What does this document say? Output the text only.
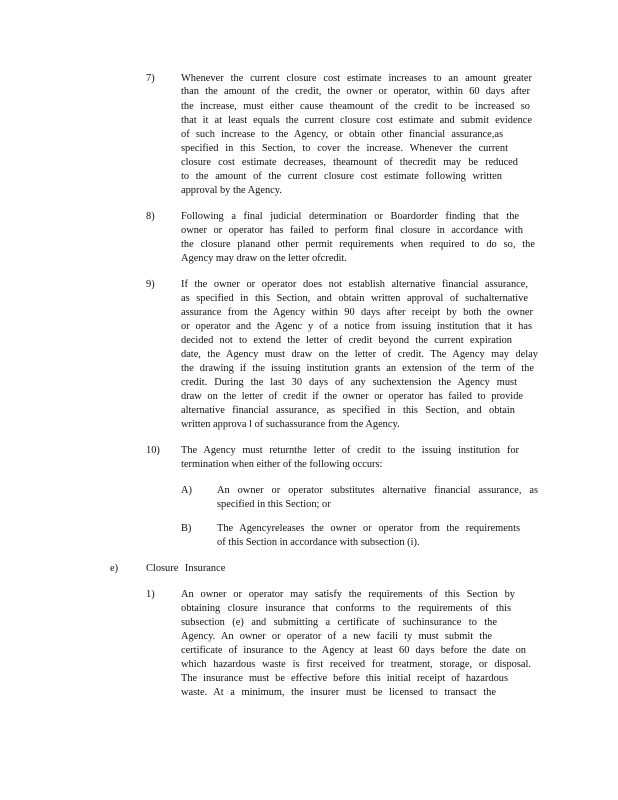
7)	Whenever the current closure cost estimate increases to an amount greater
than the amount of the credit, the owner or operator, within 60 days after
the increase, must either cause theamount of the credit to be increased so
that it at least equals the current closure cost estimate and submit evidence
of such increase to the Agency, or obtain other financial assurance,as
specified in this Section, to cover the increase. Whenever the current
closure cost estimate decreases, theamount of thecredit may be reduced
to the amount of the current closure cost estimate following written
approval by the Agency.
8)	Following a final judicial determination or Boardorder finding that the
owner or operator has failed to perform final closure in accordance with
the closure planand other permit requirements when required to do so, the
Agency may draw on the letter ofcredit.
9)	If the owner or operator does not establish alternative financial assurance,
as specified in this Section, and obtain written approval of suchalternative
assurance from the Agency within 90 days after receipt by both the owner
or operator and the Agenc y of a notice from issuing institution that it has
decided not to extend the letter of credit beyond the current expiration
date, the Agency must draw on the letter of credit. The Agency may delay
the drawing if the issuing institution grants an extension of the term of the
credit. During the last 30 days of any suchextension the Agency must
draw on the letter of credit if the owner or operator has failed to provide
alternative financial assurance, as specified in this Section, and obtain
written approva l of suchassurance from the Agency.
10) The Agency must returnthe letter of credit to the issuing institution for
termination when either of the following occurs:
A) An owner or operator substitutes alternative financial assurance, as
specified in this Section; or
B) The Agencyreleases the owner or operator from the requirements
of this Section in accordance with subsection (i).
e)	Closure Insurance
1)	An owner or operator may satisfy the requirements of this Section by
obtaining closure insurance that conforms to the requirements of this
subsection (e) and submitting a certificate of suchinsurance to the
Agency. An owner or operator of a new facili ty must submit the
certificate of insurance to the Agency at least 60 days before the date on
which hazardous waste is first received for treatment, storage, or disposal.
The insurance must be effective before this initial receipt of hazardous
waste. At a minimum, the insurer must be licensed to transact the
